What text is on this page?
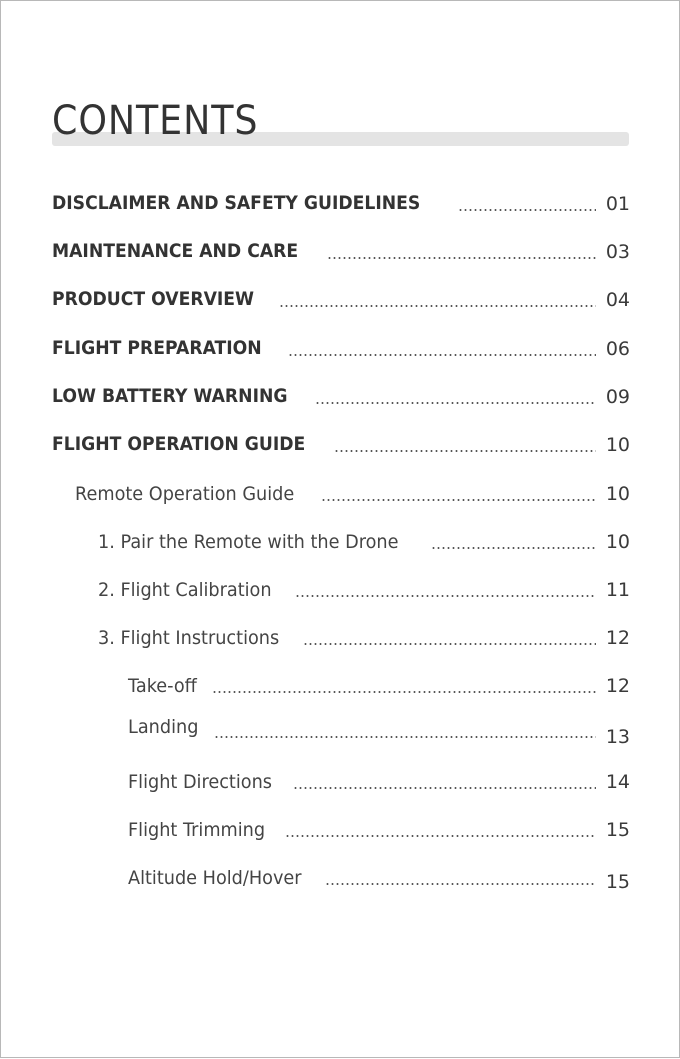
CONTENTS
DISCLAIMER AND SAFETY GUIDELINES	01
MAINTENANCE AND CARE	03
PRODUCT OVERVIEW	04
FLIGHT PREPARATION	06
LOW BATTERY WARNING	09
FLIGHT OPERATION GUIDE	10
Remote Operation Guide	10
1. Pair the Remote with the Drone	10
2. Flight Calibration	11
3. Flight Instructions	12
Take-off	12
Landing	13
Flight Directions	14
Flight Trimming	15
Altitude Hold/Hover	15
